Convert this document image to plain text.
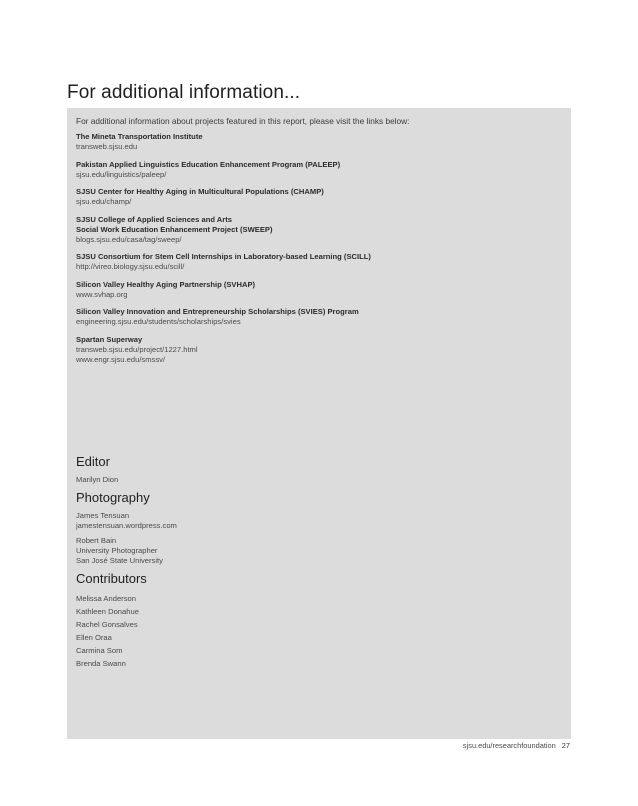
For additional information...

For additional information about projects featured in this report, please visit the links below:

The Mineta Transportation Institute
transweb.sjsu.edu
Pakistan Applied Linguistics Education Enhancement Program (PALEEP)
sjsu.edu/linguistics/paleep/
SJSU Center for Healthy Aging in Multicultural Populations (CHAMP)
sjsu.edu/champ/
SJSU College of Applied Sciences and Arts
Social Work Education Enhancement Project (SWEEP)
blogs.sjsu.edu/casa/tag/sweep/
SJSU Consortium for Stem Cell Internships in Laboratory-based Learning (SCILL)
http://vireo.biology.sjsu.edu/scill/
Silicon Valley Healthy Aging Partnership (SVHAP)
www.svhap.org
Silicon Valley Innovation and Entrepreneurship Scholarships (SVIES) Program
engineering.sjsu.edu/students/scholarships/svies
Spartan Superway
transweb.sjsu.edu/project/1227.html
www.engr.sjsu.edu/smssv/
Editor
Marilyn Dion
Photography
James Tensuan
jamestensuan.wordpress.com
Robert Bain
University Photographer
San José State University
Contributors
Melissa Anderson
Kathleen Donahue
Rachel Gonsalves
Ellen Oraa
Carmina Som
Brenda Swann
sjsu.edu/researchfoundation 27
